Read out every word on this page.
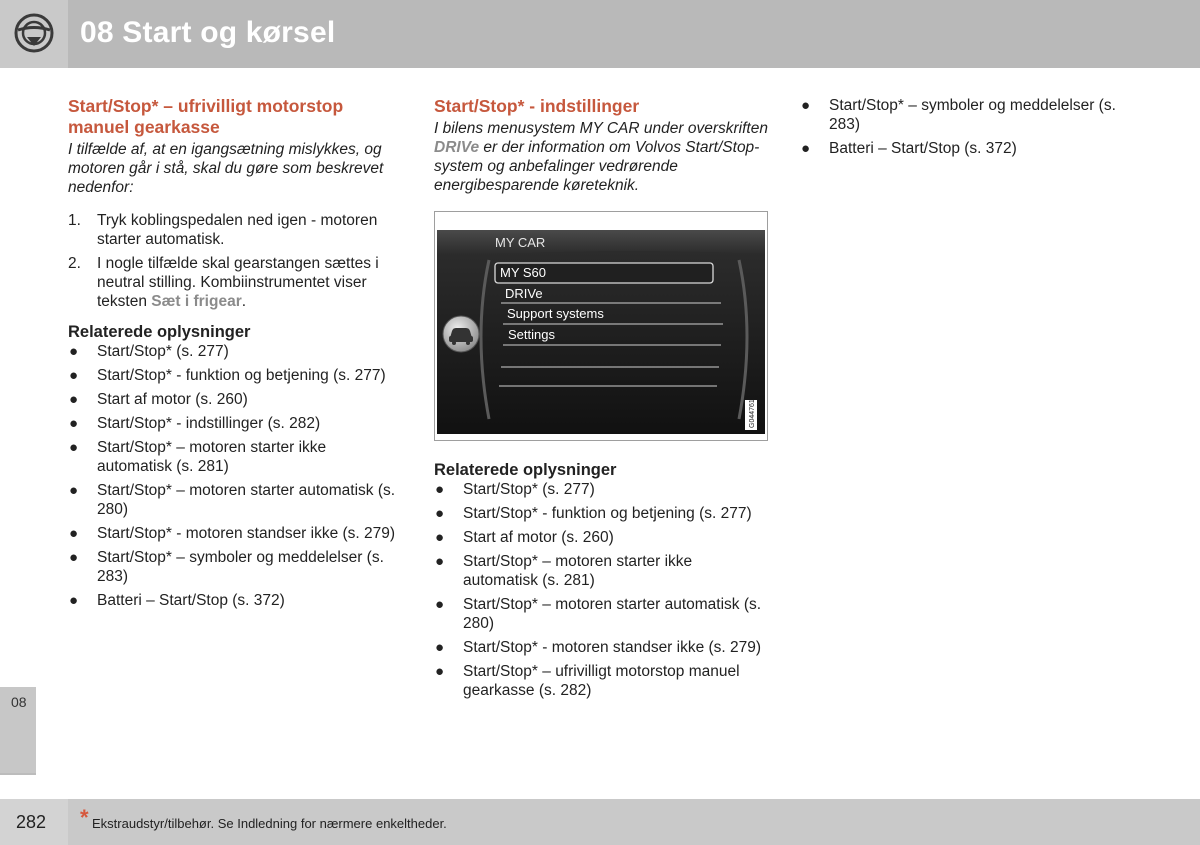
08 Start og kørsel
Start/Stop* – ufrivilligt motorstop manuel gearkasse

I tilfælde af, at en igangsætning mislykkes, og motoren går i stå, skal du gøre som beskrevet nedenfor:

1. Tryk koblingspedalen ned igen - motoren starter automatisk.
2. I nogle tilfælde skal gearstangen sættes i neutral stilling. Kombiinstrumentet viser teksten Sæt i frigear.
Relaterede oplysninger
● Start/Stop* (s. 277)
● Start/Stop* - funktion og betjening (s. 277)
● Start af motor (s. 260)
● Start/Stop* - indstillinger (s. 282)
● Start/Stop* – motoren starter ikke automatisk (s. 281)
● Start/Stop* – motoren starter automatisk (s. 280)
● Start/Stop* - motoren standser ikke (s. 279)
● Start/Stop* – symboler og meddelelser (s. 283)
● Batteri – Start/Stop (s. 372)
Start/Stop* - indstillinger

I bilens menusystem MY CAR under overskriften DRIVe er der information om Volvos Start/Stop-system og anbefalinger vedrørende energibesparende køreteknik.

MY CAR
MY S60
DRIVe
Support systems
Settings
G044761
Relaterede oplysninger
● Start/Stop* (s. 277)
● Start/Stop* - funktion og betjening (s. 277)
● Start af motor (s. 260)
● Start/Stop* – motoren starter ikke automatisk (s. 281)
● Start/Stop* – motoren starter automatisk (s. 280)
● Start/Stop* - motoren standser ikke (s. 279)
● Start/Stop* – ufrivilligt motorstop manuel gearkasse (s. 282)
● Start/Stop* – symboler og meddelelser (s. 283)
● Batteri – Start/Stop (s. 372)
08
282 * Ekstraudstyr/tilbehør. Se Indledning for nærmere enkeltheder.
